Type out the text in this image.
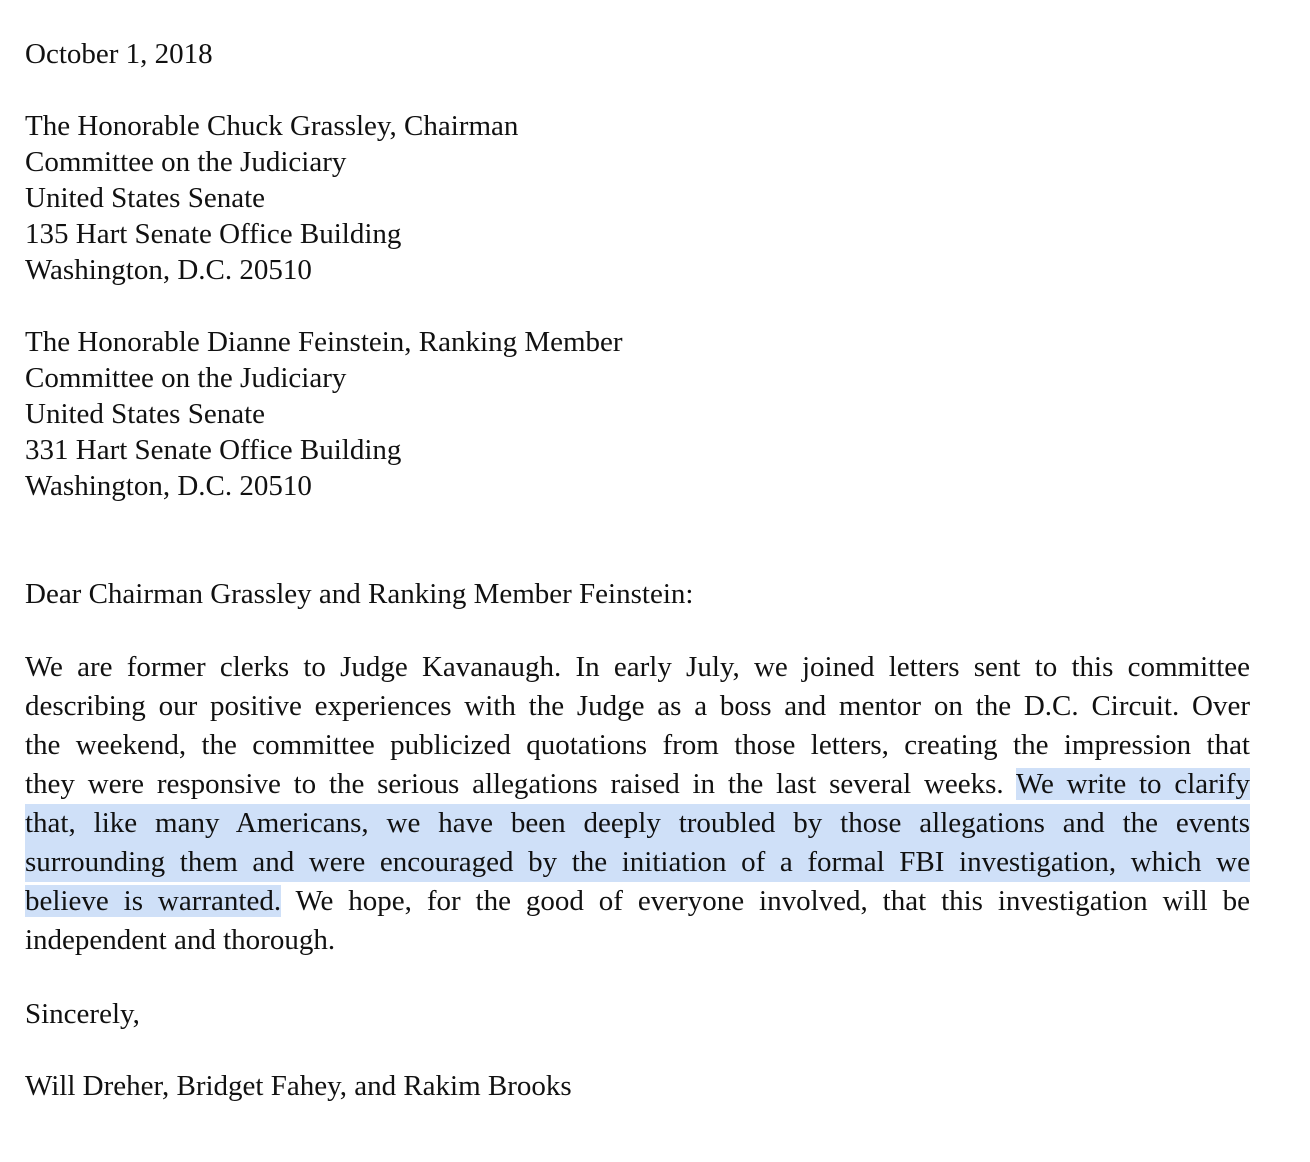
October 1, 2018
The Honorable Chuck Grassley, Chairman
Committee on the Judiciary
United States Senate
135 Hart Senate Office Building
Washington, D.C. 20510
The Honorable Dianne Feinstein, Ranking Member
Committee on the Judiciary
United States Senate
331 Hart Senate Office Building
Washington, D.C. 20510
Dear Chairman Grassley and Ranking Member Feinstein:
We are former clerks to Judge Kavanaugh. In early July, we joined letters sent to this committee
describing our positive experiences with the Judge as a boss and mentor on the D.C. Circuit. Over
the weekend, the committee publicized quotations from those letters, creating the impression that
they were responsive to the serious allegations raised in the last several weeks. We write to clarify
that, like many Americans, we have been deeply troubled by those allegations and the events
surrounding them and were encouraged by the initiation of a formal FBI investigation, which we
believe is warranted. We hope, for the good of everyone involved, that this investigation will be
independent and thorough.
Sincerely,
Will Dreher, Bridget Fahey, and Rakim Brooks
